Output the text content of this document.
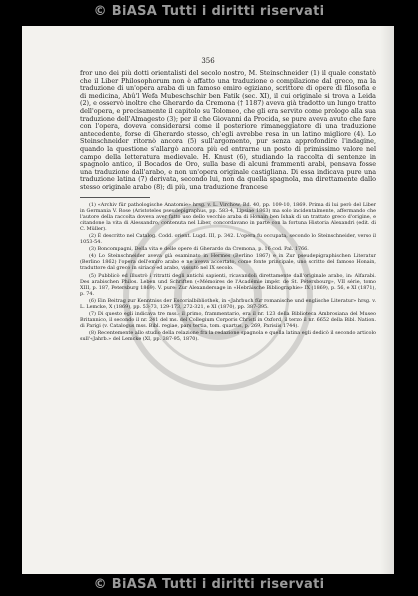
© BiASA Tutti i diritti riservati
356

fror uno dei più dotti orientalisti del secolo nostro, M. Steinschneider (1) il quale constatò che il Liber Philosophorum non è affatto una traduzione o compilazione dal greco, ma la traduzione di un'opera araba di un famoso emiro egiziano, scrittore di opere di filosofia e di medicina, Abû'l Wefa Mubeschschir ben Fatik (sec. XI), il cui originale si trova a Leida (2), e osservò inoltre che Gherardo da Cremona († 1187) aveva già tradotto un lungo tratto dell'opera, e precisamente il capitolo su Tolomeo, che gli era servito come prologo alla sua traduzione dell'Almagesto (3); per il che Giovanni da Procida, se pure aveva avuto che fare con l'opera, doveva considerarsi come il posteriore rimaneggiatore di una traduzione antecedente, forse di Gherardo stesso, ch'egli avrebbe resa in un latino migliore (4). Lo Steinschneider ritornò ancora (5) sull'argomento, pur senza approfondire l'indagine, quando la questione s'allargò ancora più ed entrarne un posto di primissimo valore nel campo della letteratura medievale. H. Knust (6), studiando la raccolta di sentenze in spagnolo antico, il Bocados de Oro, sulla base di alcuni frammenti arabi, pensava fosse una traduzione dall'arabo, e non un'opera originale castigliana. Di essa indicava pure una traduzione latina (7) derivata, secondo lui, non da quella spagnola, ma direttamente dallo stesso originale arabo (8); di più, una traduzione francese

(1) «Archiv für pathologische Anatomie» hrsg. v. L. Virchow, Bd. 40, pp. 109-10, 1869. Prima di lui però del Liber in Germania V. Rose (Aristoteles pseudepigraphus, pp. 583-4, Lipsiae 1863) ma solo incidentalmente, affermando che l'autore della raccolta doveva aver fatto uso dello vecchio araba di Honain ben Ishak di un trattato greco d'origine, e citandone la vita di Alessandro, contenuta nel Liber, concordavano in parte con la fortuna Historia Alexandri (edit. di C. Müller).

(2) È descritto nel Catalog. Codd. orient. Lugd. III, p. 342. L'opera fu occupata, secondo lo Steinschneider, verso il 1053-54.

(3) Boncompagni, Della vita e delle opere di Gherardo da Cremona, p. 16 cod. Pal. 1766.

(4) Lo Steinschneider aveva già esaminato in Hermes (Berlino 1867) e in Zur pseudepigraphischen Literatur (Berlino 1862) l'opera dell'emiro arabo e ne aveva accertato, come fonte principale, uno scritto del famoso Honain, traduttore dal greco in siriaco ed arabo, vissuto nel IX secolo.

(5) Pubblicò ed illustrò i ritratti degli antichi sapienti, ricavandoli direttamente dall'originale arabo, in: Alfarabi. Des arabischen Philos. Leben und Schriften («Mémoires de l'Académie impér. de St. Pétersbourg», VII série, tomo XIII, p. 187, Petersburg 1869). V. pure: Zur Alexandersage in «Hebräische Bibliographie» IX (1869), p. 56, e XI (1871), p. 74.

(6) Ein Beitrag zur Kenntniss der Escorialbibliothek, in «Jahrbuch für romanische und englische Literatur» hrsg. v. L. Lemcke, X (1869), pp. 53-73, 129-173, 272-321, e XI (1870), pp. 387-395.

(7) Di questo egli indicava tre mss.: il primo, frammentario, era il nr. 123 della Biblioteca Ambrosiana del Museo Britannico, il secondo il nr. 241 del ms. del Collegium Corporis Christi in Oxford, il terzo il nr. 6652 della Bibl. Nation. di Parigi (v. Catalogus mss. Bibl. regiae, pars tertia, tom. quartus, p. 269, Parisiis 1744).

(8) Recentemente allo studio della relazione fra la redazione spagnola e quella latina egli dedicò il secondo articolo sull'«Jahrb.» del Lemcke (XI, pp. 387-95, 1870).

© BiASA Tutti i diritti riservati
